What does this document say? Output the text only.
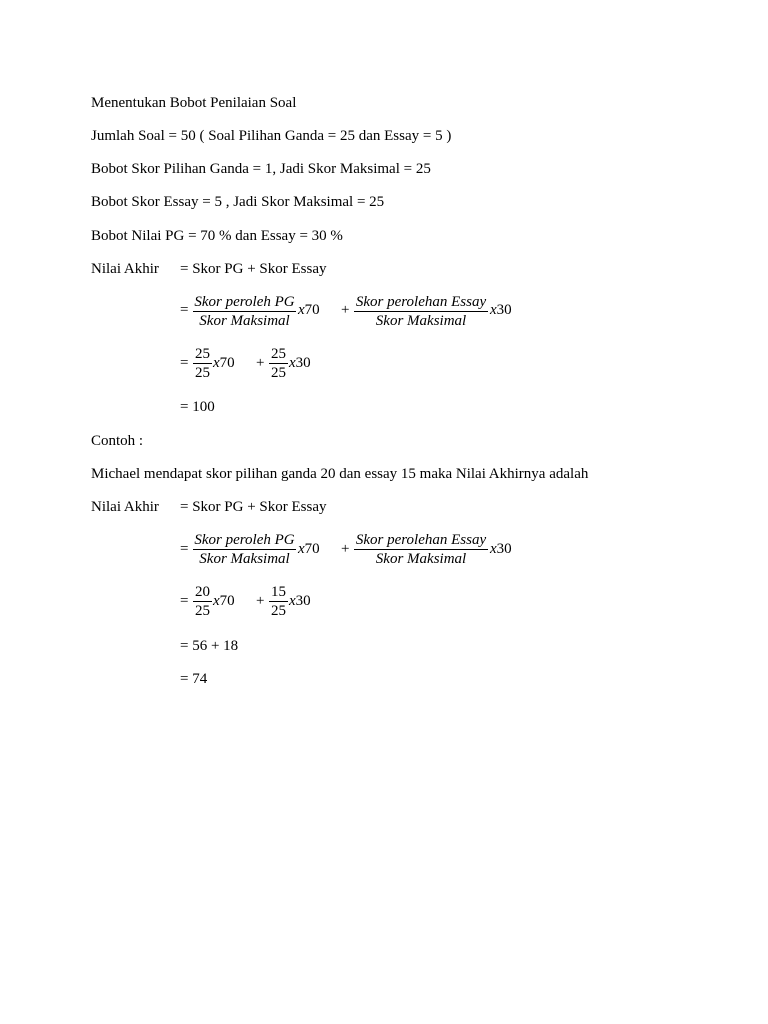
Menentukan Bobot Penilaian Soal
Jumlah Soal = 50 ( Soal Pilihan Ganda = 25 dan Essay = 5 )
Bobot Skor Pilihan Ganda = 1, Jadi Skor Maksimal = 25
Bobot Skor Essay = 5 , Jadi Skor Maksimal = 25
Bobot Nilai PG = 70 % dan Essay = 30 %
Nilai Akhir = Skor PG + Skor Essay
= Skor peroleh PG
Skor Maksimal
x70 + Skor perolehan Essay
Skor Maksimal
x30
=
25
25
x70 +
25
25
x30
= 100
Contoh :
Michael mendapat skor pilihan ganda 20 dan essay 15 maka Nilai Akhirnya adalah
Nilai Akhir = Skor PG + Skor Essay
=
Skor peroleh PG
Skor Maksimal
x70 +
Skor perolehan Essay
Skor Maksimal
x30
=
20
25
x70 +
15
25
x30
= 56 + 18
= 74
